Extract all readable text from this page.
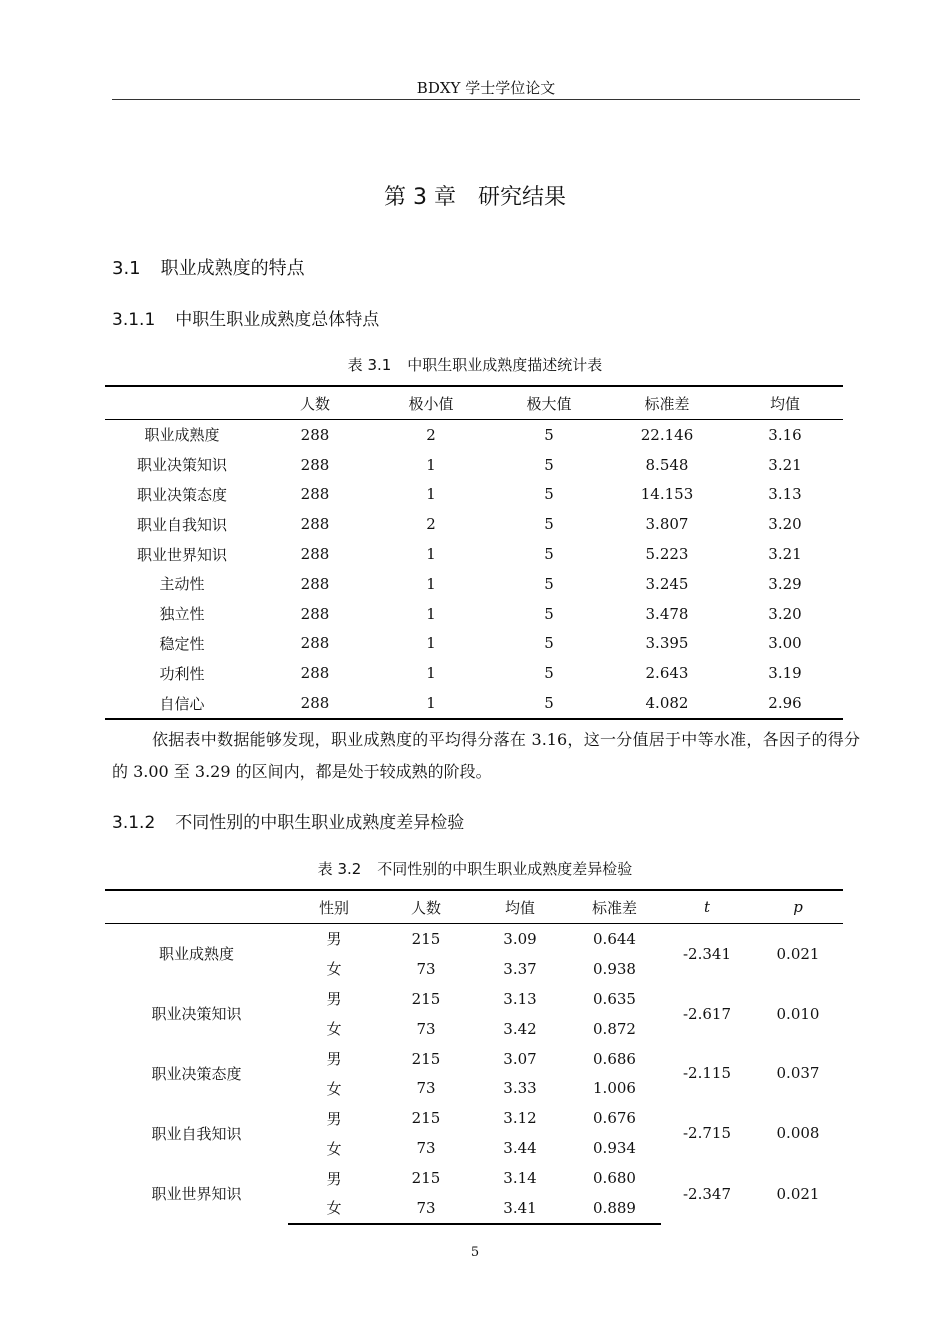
BDXY 学士学位论文
第 3 章　研究结果
3.1 职业成熟度的特点
3.1.1 中职生职业成熟度总体特点
表 3.1 中职生职业成熟度描述统计表
	人数	极小值	极大值	标准差	均值
职业成熟度	288	2	5	22.146	3.16
职业决策知识	288	1	5	8.548	3.21
职业决策态度	288	1	5	14.153	3.13
职业自我知识	288	2	5	3.807	3.20
职业世界知识	288	1	5	5.223	3.21
主动性	288	1	5	3.245	3.29
独立性	288	1	5	3.478	3.20
稳定性	288	1	5	3.395	3.00
功利性	288	1	5	2.643	3.19
自信心	288	1	5	4.082	2.96
依据表中数据能够发现，职业成熟度的平均得分落在 3.16，这一分值居于中等水准，各因子的得分的 3.00 至 3.29 的区间内，都是处于较成熟的阶段。
3.1.2 不同性别的中职生职业成熟度差异检验
表 3.2 不同性别的中职生职业成熟度差异检验
	性别	人数	均值	标准差	t	p
职业成熟度	男	215	3.09	0.644	-2.341	0.021
	女	73	3.37	0.938		
职业决策知识	男	215	3.13	0.635	-2.617	0.010
	女	73	3.42	0.872		
职业决策态度	男	215	3.07	0.686	-2.115	0.037
	女	73	3.33	1.006		
职业自我知识	男	215	3.12	0.676	-2.715	0.008
	女	73	3.44	0.934		
职业世界知识	男	215	3.14	0.680	-2.347	0.021
	女	73	3.41	0.889		
5
